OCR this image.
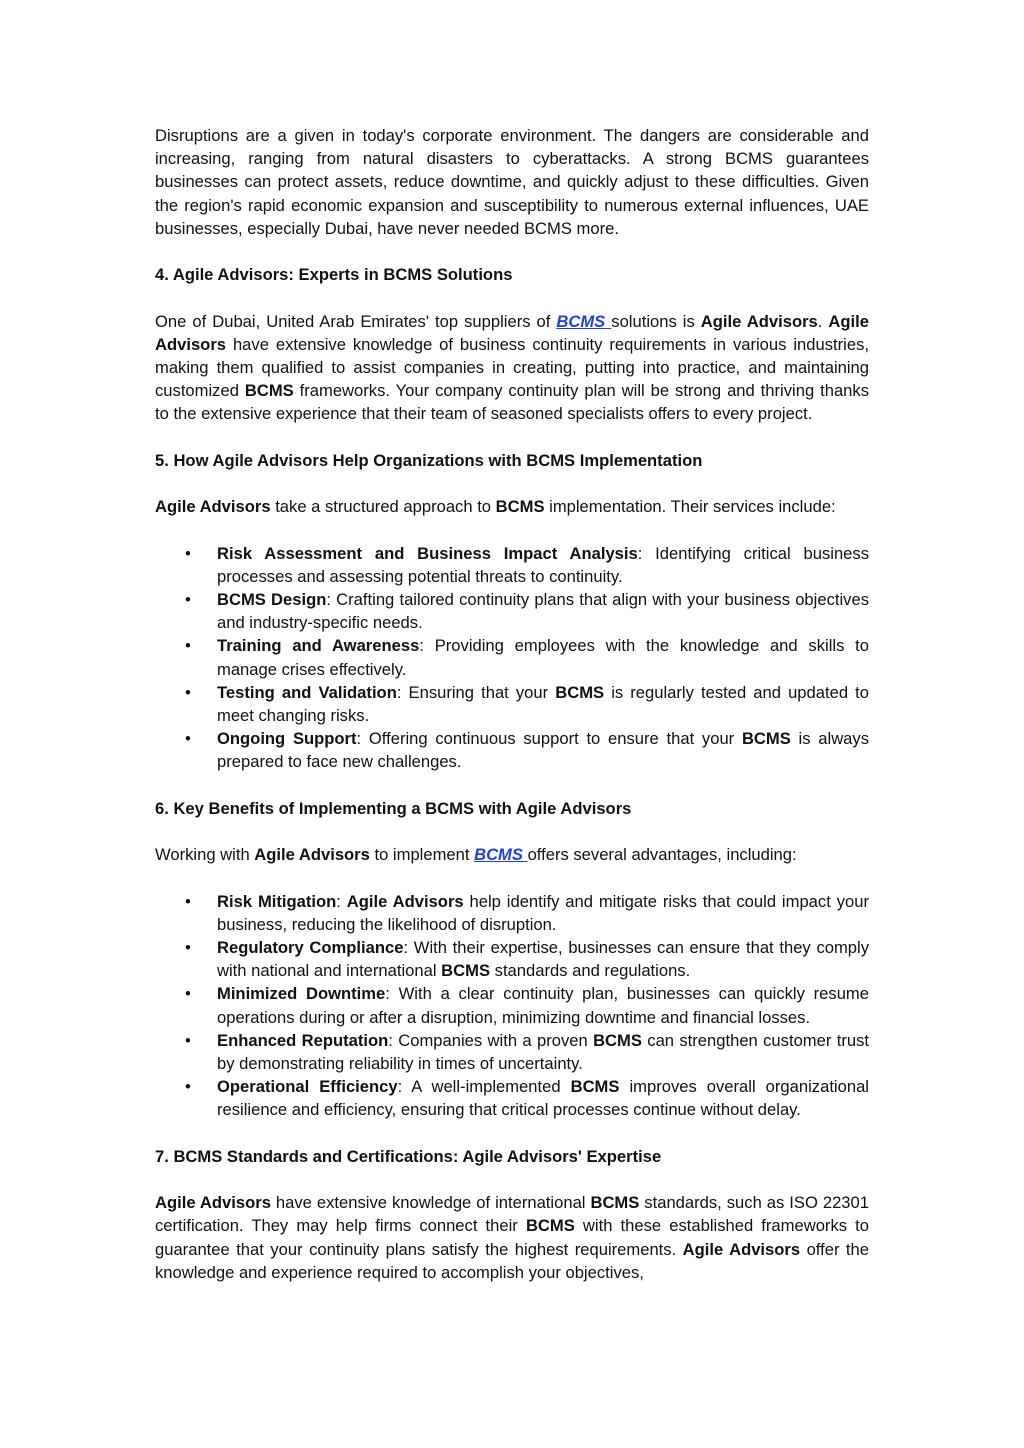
Disruptions are a given in today's corporate environment. The dangers are considerable and increasing, ranging from natural disasters to cyberattacks. A strong BCMS guarantees businesses can protect assets, reduce downtime, and quickly adjust to these difficulties. Given the region's rapid economic expansion and susceptibility to numerous external influences, UAE businesses, especially Dubai, have never needed BCMS more.

4. Agile Advisors: Experts in BCMS Solutions

One of Dubai, United Arab Emirates' top suppliers of BCMS solutions is Agile Advisors. Agile Advisors have extensive knowledge of business continuity requirements in various industries, making them qualified to assist companies in creating, putting into practice, and maintaining customized BCMS frameworks. Your company continuity plan will be strong and thriving thanks to the extensive experience that their team of seasoned specialists offers to every project.

5. How Agile Advisors Help Organizations with BCMS Implementation

Agile Advisors take a structured approach to BCMS implementation. Their services include:

• Risk Assessment and Business Impact Analysis: Identifying critical business processes and assessing potential threats to continuity.
• BCMS Design: Crafting tailored continuity plans that align with your business objectives and industry-specific needs.
• Training and Awareness: Providing employees with the knowledge and skills to manage crises effectively.
• Testing and Validation: Ensuring that your BCMS is regularly tested and updated to meet changing risks.
• Ongoing Support: Offering continuous support to ensure that your BCMS is always prepared to face new challenges.
6. Key Benefits of Implementing a BCMS with Agile Advisors

Working with Agile Advisors to implement BCMS offers several advantages, including:

• Risk Mitigation: Agile Advisors help identify and mitigate risks that could impact your business, reducing the likelihood of disruption.
• Regulatory Compliance: With their expertise, businesses can ensure that they comply with national and international BCMS standards and regulations.
• Minimized Downtime: With a clear continuity plan, businesses can quickly resume operations during or after a disruption, minimizing downtime and financial losses.
• Enhanced Reputation: Companies with a proven BCMS can strengthen customer trust by demonstrating reliability in times of uncertainty.
• Operational Efficiency: A well-implemented BCMS improves overall organizational resilience and efficiency, ensuring that critical processes continue without delay.
7. BCMS Standards and Certifications: Agile Advisors' Expertise

Agile Advisors have extensive knowledge of international BCMS standards, such as ISO 22301 certification. They may help firms connect their BCMS with these established frameworks to guarantee that your continuity plans satisfy the highest requirements. Agile Advisors offer the knowledge and experience required to accomplish your objectives,
